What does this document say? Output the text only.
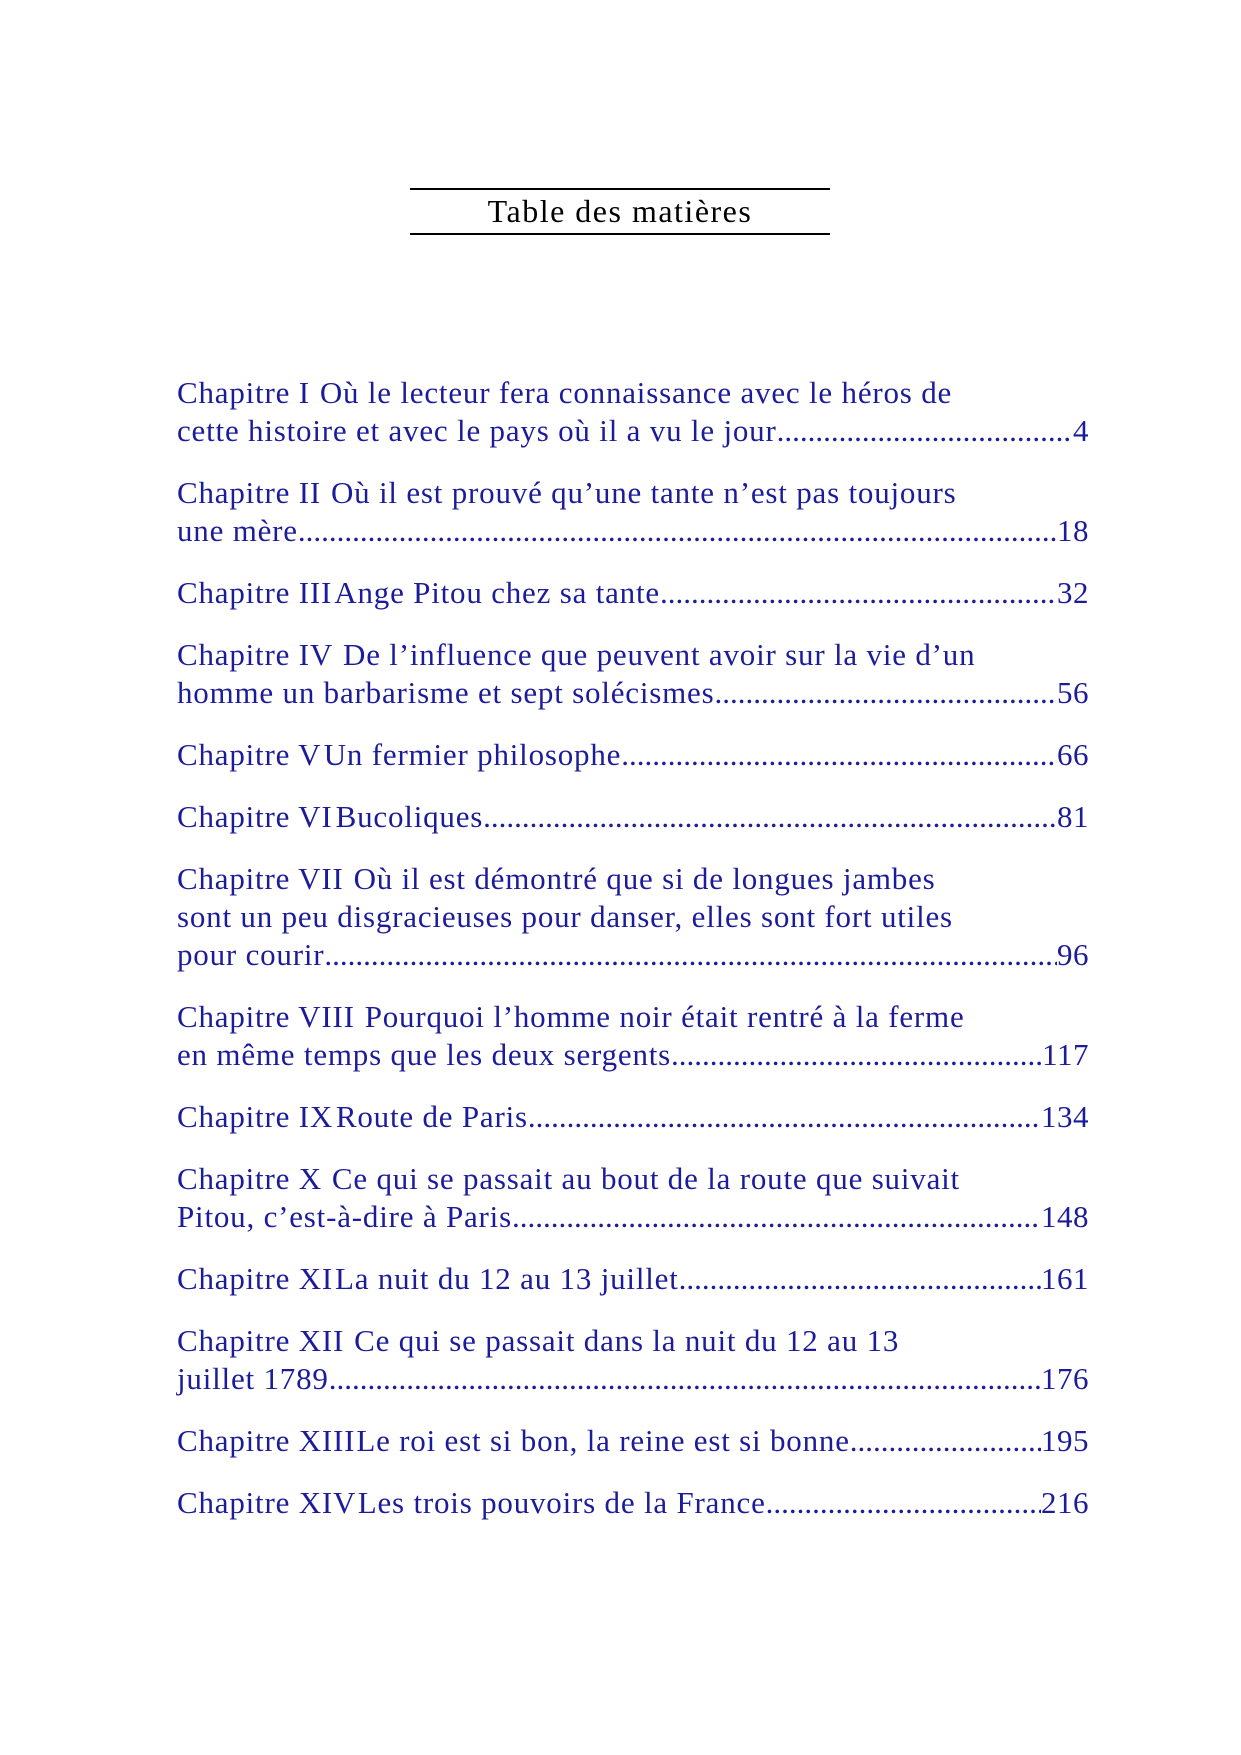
Table des matières
Chapitre I Où le lecteur fera connaissance avec le héros de
cette histoire et avec le pays où il a vu le jour .....	4
Chapitre II Où il est prouvé qu’une tante n’est pas toujours
une mère .....	18
Chapitre III Ange Pitou chez sa tante .....	32
Chapitre IV De l’influence que peuvent avoir sur la vie d’un
homme un barbarisme et sept solécismes .....	56
Chapitre V Un fermier philosophe .....	66
Chapitre VI Bucoliques .....	81
Chapitre VII Où il est démontré que si de longues jambes
sont un peu disgracieuses pour danser, elles sont fort utiles
pour courir .....	96
Chapitre VIII Pourquoi l’homme noir était rentré à la ferme
en même temps que les deux sergents .....	117
Chapitre IX Route de Paris .....	134
Chapitre X Ce qui se passait au bout de la route que suivait
Pitou, c’est-à-dire à Paris .....	148
Chapitre XI La nuit du 12 au 13 juillet .....	161
Chapitre XII Ce qui se passait dans la nuit du 12 au 13
juillet 1789 .....	176
Chapitre XIII Le roi est si bon, la reine est si bonne .....	195
Chapitre XIV Les trois pouvoirs de la France .....	216
